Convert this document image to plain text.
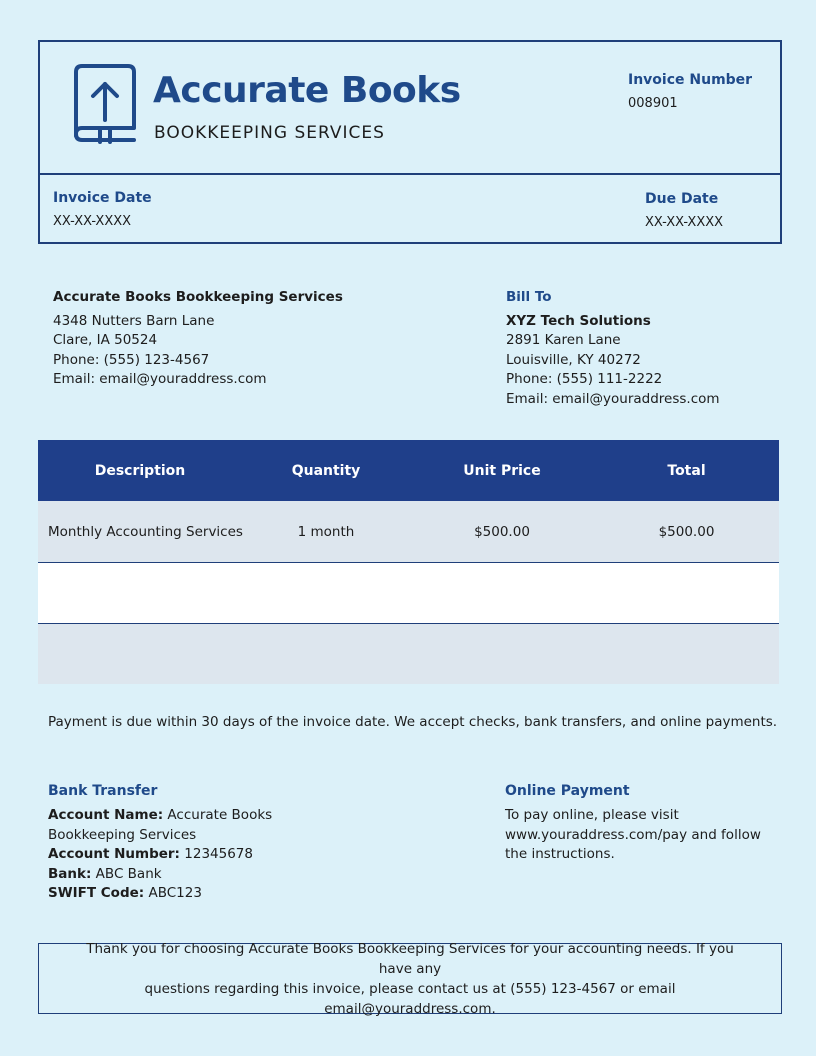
Accurate Books
BOOKKEEPING SERVICES
Invoice Number
008901
Invoice Date
XX-XX-XXXX
Due Date
XX-XX-XXXX
Accurate Books Bookkeeping Services
4348 Nutters Barn Lane
Clare, IA 50524
Phone: (555) 123-4567
Email: email@youraddress.com
Bill To
XYZ Tech Solutions
2891 Karen Lane
Louisville, KY 40272
Phone: (555) 111-2222
Email: email@youraddress.com
Description	Quantity	Unit Price	Total
Monthly Accounting Services	1 month	$500.00	$500.00
Payment is due within 30 days of the invoice date. We accept checks, bank transfers, and online payments.
Bank Transfer
Account Name: Accurate Books
Bookkeeping Services
Account Number: 12345678
Bank: ABC Bank
SWIFT Code: ABC123
Online Payment
To pay online, please visit
www.youraddress.com/pay and follow
the instructions.
Thank you for choosing Accurate Books Bookkeeping Services for your accounting needs. If you have any
questions regarding this invoice, please contact us at (555) 123-4567 or email email@youraddress.com.
